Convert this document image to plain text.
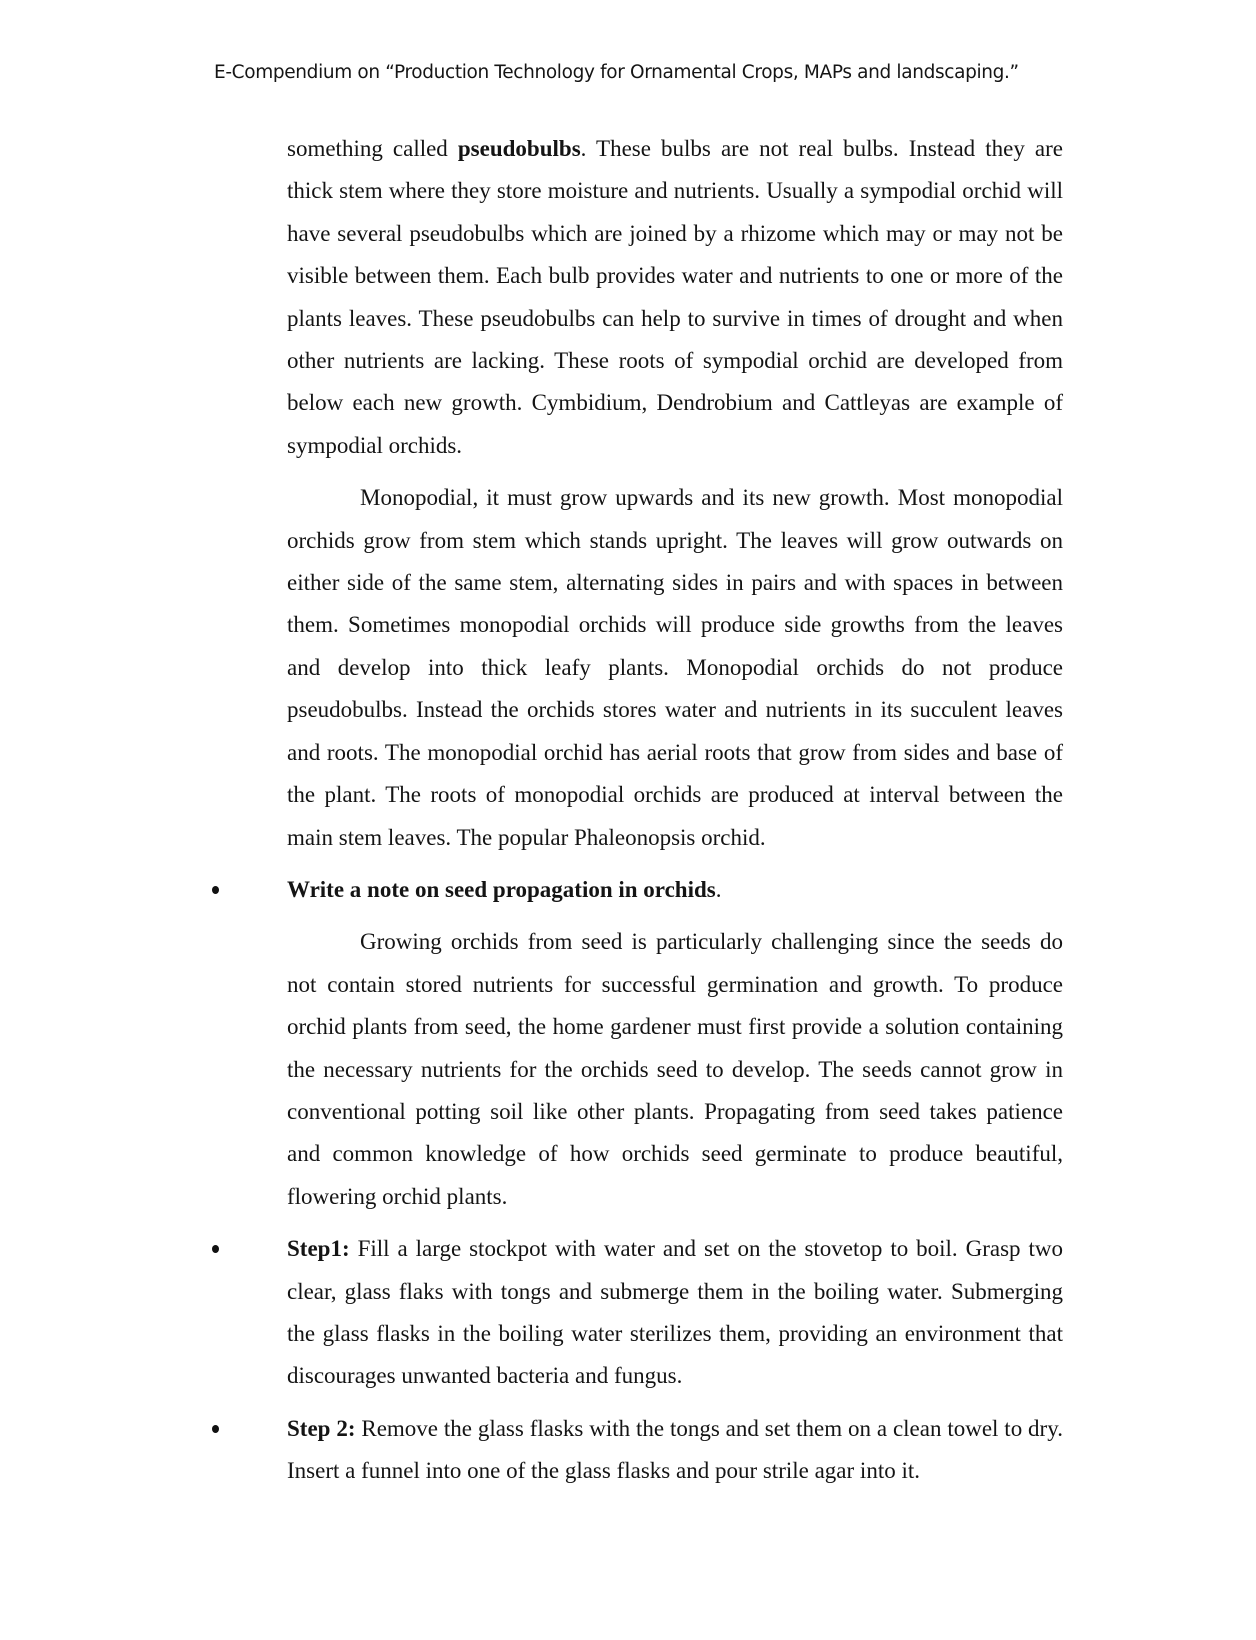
E-Compendium on “Production Technology for Ornamental Crops, MAPs and landscaping.”

something called pseudobulbs. These bulbs are not real bulbs. Instead they are thick stem where they store moisture and nutrients. Usually a sympodial orchid will have several pseudobulbs which are joined by a rhizome which may or may not be visible between them. Each bulb provides water and nutrients to one or more of the plants leaves. These pseudobulbs can help to survive in times of drought and when other nutrients are lacking. These roots of sympodial orchid are developed from below each new growth. Cymbidium, Dendrobium and Cattleyas are example of sympodial orchids.

Monopodial, it must grow upwards and its new growth. Most monopodial orchids grow from stem which stands upright. The leaves will grow outwards on either side of the same stem, alternating sides in pairs and with spaces in between them. Sometimes monopodial orchids will produce side growths from the leaves and develop into thick leafy plants. Monopodial orchids do not produce pseudobulbs. Instead the orchids stores water and nutrients in its succulent leaves and roots. The monopodial orchid has aerial roots that grow from sides and base of the plant. The roots of monopodial orchids are produced at interval between the main stem leaves. The popular Phaleonopsis orchid.

Write a note on seed propagation in orchids.

Growing orchids from seed is particularly challenging since the seeds do not contain stored nutrients for successful germination and growth. To produce orchid plants from seed, the home gardener must first provide a solution containing the necessary nutrients for the orchids seed to develop. The seeds cannot grow in conventional potting soil like other plants. Propagating from seed takes patience and common knowledge of how orchids seed germinate to produce beautiful, flowering orchid plants.

Step1: Fill a large stockpot with water and set on the stovetop to boil. Grasp two clear, glass flaks with tongs and submerge them in the boiling water. Submerging the glass flasks in the boiling water sterilizes them, providing an environment that discourages unwanted bacteria and fungus.

Step 2: Remove the glass flasks with the tongs and set them on a clean towel to dry. Insert a funnel into one of the glass flasks and pour strile agar into it.
